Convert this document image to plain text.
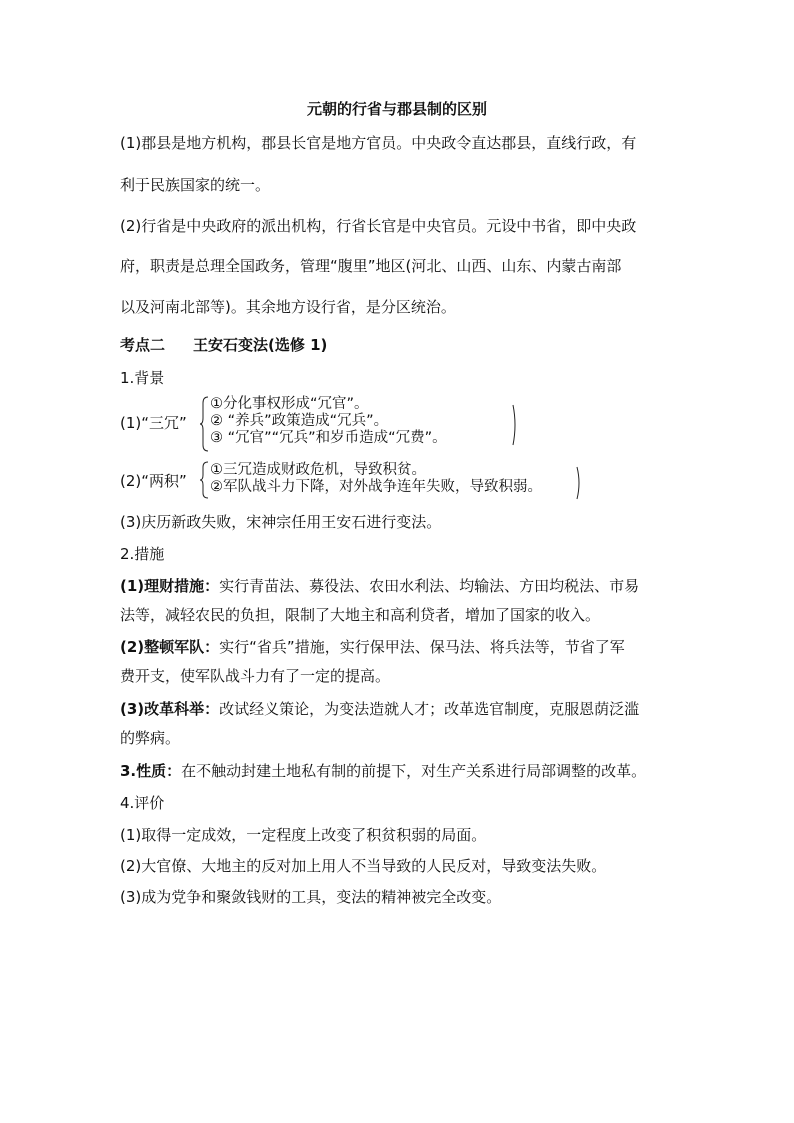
元朝的行省与郡县制的区别
(1)郡县是地方机构，郡县长官是地方官员。中央政令直达郡县，直线行政，有
利于民族国家的统一。
(2)行省是中央政府的派出机构，行省长官是中央官员。元设中书省，即中央政
府，职责是总理全国政务，管理“腹里”地区(河北、山西、山东、内蒙古南部
以及河南北部等)。其余地方设行省，是分区统治。
考点二 王安石变法(选修 1)
1.背景
(1)“三冗”
①分化事权形成“冗官”。
② “养兵”政策造成“冗兵”。
③ “冗官”“冗兵”和岁币造成“冗费”。
(2)“两积”
①三冗造成财政危机，导致积贫。
②军队战斗力下降，对外战争连年失败，导致积弱。
(3)庆历新政失败，宋神宗任用王安石进行变法。
2.措施
(1)理财措施：实行青苗法、募役法、农田水利法、均输法、方田均税法、市易
法等，减轻农民的负担，限制了大地主和高利贷者，增加了国家的收入。
(2)整顿军队：实行“省兵”措施，实行保甲法、保马法、将兵法等，节省了军
费开支，使军队战斗力有了一定的提高。
(3)改革科举：改试经义策论，为变法造就人才；改革选官制度，克服恩荫泛滥
的弊病。
3.性质：在不触动封建土地私有制的前提下，对生产关系进行局部调整的改革。
4.评价
(1)取得一定成效，一定程度上改变了积贫积弱的局面。
(2)大官僚、大地主的反对加上用人不当导致的人民反对，导致变法失败。
(3)成为党争和聚敛钱财的工具，变法的精神被完全改变。
